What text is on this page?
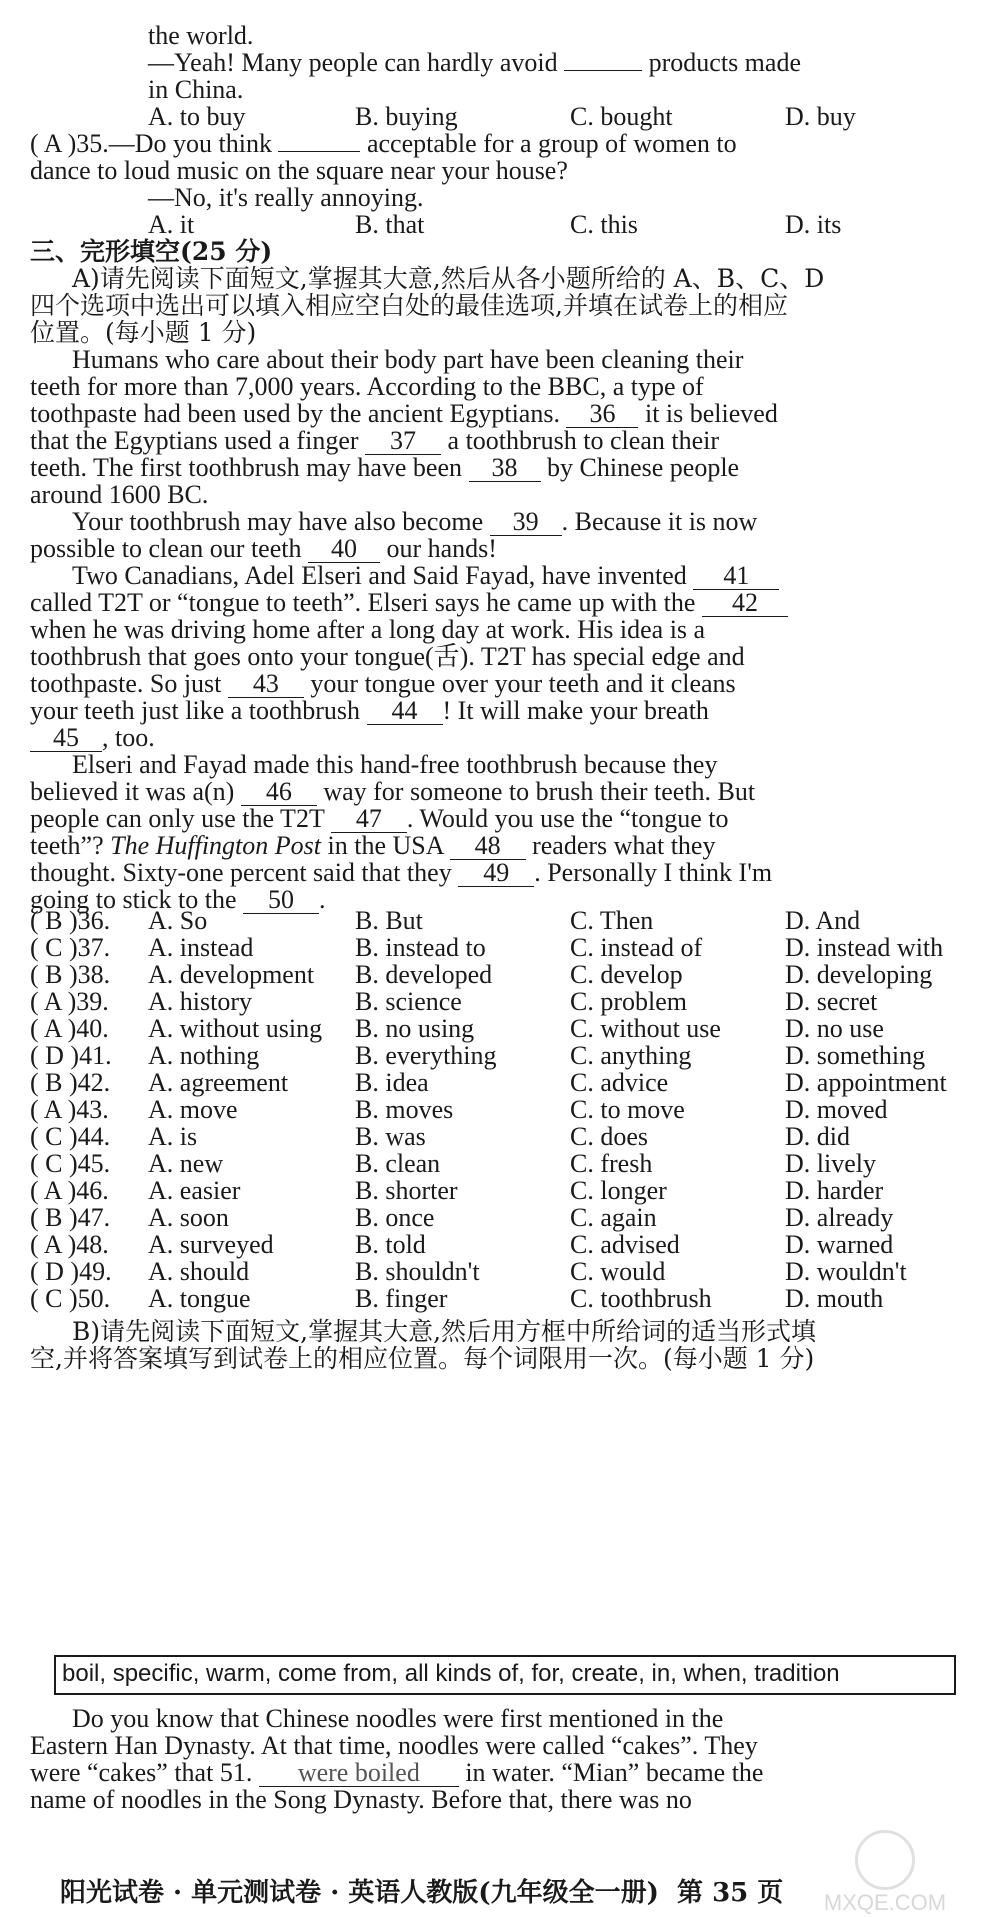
the world.
—Yeah! Many people can hardly avoid	products made
in China.
A. to buy	B. buying	C. bought	D. buy
( A )35.—Do you think	acceptable for a group of women to
dance to loud music on the square near your house?
—No, it's really annoying.
A. it	B. that	C. this	D. its
三、完形填空(25 分)
A)请先阅读下面短文,掌握其大意,然后从各小题所给的 A、B、C、D
四个选项中选出可以填入相应空白处的最佳选项,并填在试卷上的相应
位置。(每小题 1 分)
Humans who care about their body part have been cleaning their
teeth for more than 7,000 years. According to the BBC, a type of
toothpaste had been used by the ancient Egyptians. 36 it is believed
that the Egyptians used a finger 37 a toothbrush to clean their
teeth. The first toothbrush may have been 38 by Chinese people
around 1600 BC.
Your toothbrush may have also become 39 . Because it is now
possible to clean our teeth 40 our hands!
Two Canadians, Adel Elseri and Said Fayad, have invented 41
called T2T or “tongue to teeth”. Elseri says he came up with the 42
when he was driving home after a long day at work. His idea is a
toothbrush that goes onto your tongue(舌). T2T has special edge and
toothpaste. So just 43 your tongue over your teeth and it cleans
your teeth just like a toothbrush 44 ! It will make your breath
45 , too.
Elseri and Fayad made this hand-free toothbrush because they
believed it was a(n) 46 way for someone to brush their teeth. But
people can only use the T2T 47 . Would you use the “tongue to
teeth”? The Huffington Post in the USA 48 readers what they
thought. Sixty-one percent said that they 49 . Personally I think I'm
going to stick to the 50 .
( B )36. A. So	B. But	C. Then	D. And
( C )37. A. instead	B. instead to	C. instead of	D. instead with
( B )38. A. development B. developed	C. develop	D. developing
( A )39. A. history	B. science	C. problem	D. secret
( A )40. A. without using B. no using	C. without use D. no use
( D )41. A. nothing	B. everything	C. anything	D. something
( B )42. A. agreement	B. idea	C. advice	D. appointment
( A )43. A. move	B. moves	C. to move	D. moved
( C )44. A. is	B. was	C. does	D. did
( C )45. A. new	B. clean	C. fresh	D. lively
( A )46. A. easier	B. shorter	C. longer	D. harder
( B )47. A. soon	B. once	C. again	D. already
( A )48. A. surveyed	B. told	C. advised	D. warned
( D )49. A. should	B. shouldn't	C. would	D. wouldn't
( C )50. A. tongue	B. finger	C. toothbrush	D. mouth
B)请先阅读下面短文,掌握其大意,然后用方框中所给词的适当形式填
空,并将答案填写到试卷上的相应位置。每个词限用一次。(每小题 1 分)
boil, specific, warm, come from, all kinds of, for, create, in, when, tradition
Do you know that Chinese noodles were first mentioned in the
Eastern Han Dynasty. At that time, noodles were called “cakes”. They
were “cakes” that 51. were boiled in water. “Mian” became the
name of noodles in the Song Dynasty. Before that, there was no
阳光试卷 · 单元测试卷 · 英语人教版(九年级全一册)  第 35 页	MXQE.COM
